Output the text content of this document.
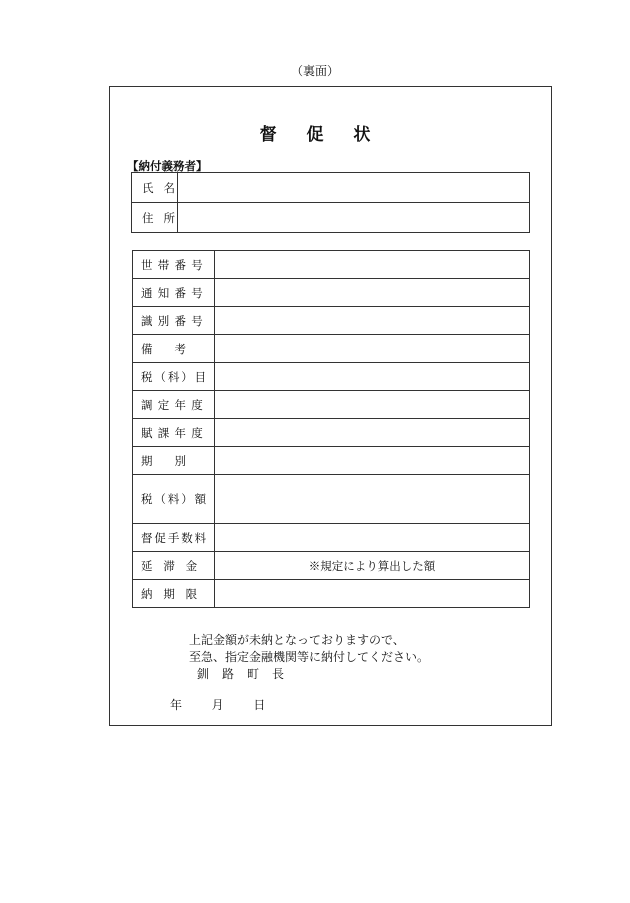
（裏面）
督 促 状
【納付義務者】
氏 名	
住 所	
世 帯 番 号	

通 知 番 号	

識 別 番 号	

備 考	

税 （ 科 ） 目	

調 定 年 度	

賦 課 年 度	

期 別	

税 （ 料 ） 額	

督 促 手 数 料	

延 滞 金	※規定により算出した額

納 期 限	

上記金額が未納となっておりますので、
至急、指定金融機関等に納付してください。
釧 路 町 長
年 月 日
